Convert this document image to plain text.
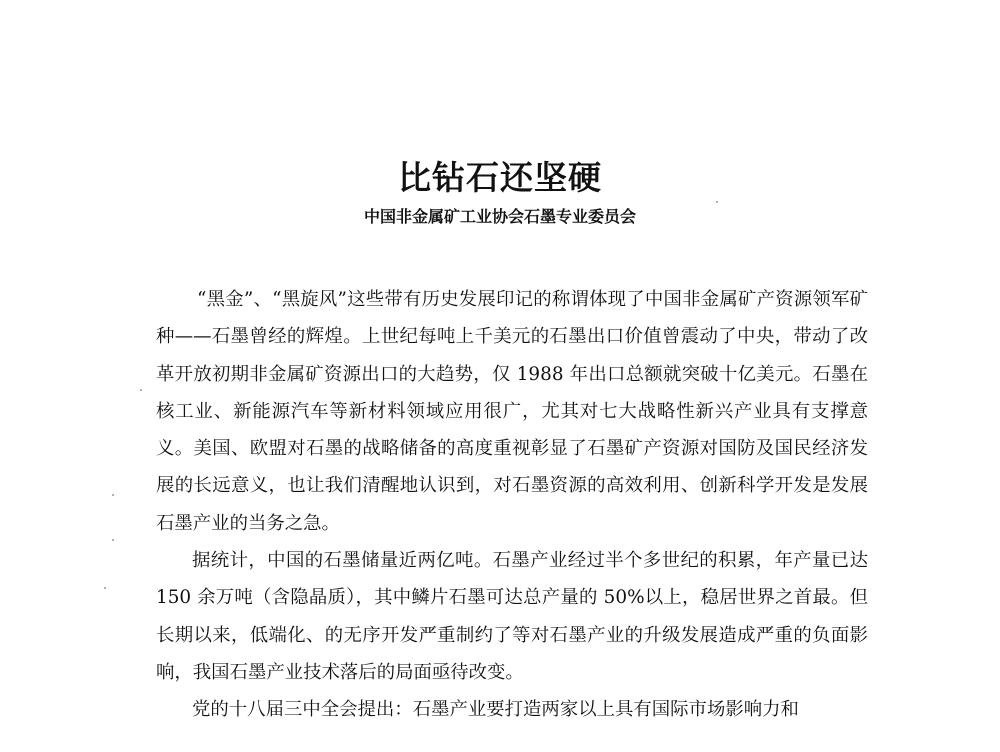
比钻石还坚硬
中国非金属矿工业协会石墨专业委员会

“黑金”、“黑旋风”这些带有历史发展印记的称谓体现了中国非金属矿产资源领军矿种——石墨曾经的辉煌。上世纪每吨上千美元的石墨出口价值曾震动了中央，带动了改革开放初期非金属矿资源出口的大趋势，仅 1988 年出口总额就突破十亿美元。石墨在核工业、新能源汽车等新材料领域应用很广，尤其对七大战略性新兴产业具有支撑意义。美国、欧盟对石墨的战略储备的高度重视彰显了石墨矿产资源对国防及国民经济发展的长远意义，也让我们清醒地认识到，对石墨资源的高效利用、创新科学开发是发展石墨产业的当务之急。

据统计，中国的石墨储量近两亿吨。石墨产业经过半个多世纪的积累，年产量已达 150 余万吨（含隐晶质），其中鳞片石墨可达总产量的 50%以上，稳居世界之首最。但长期以来，低端化、的无序开发严重制约了等对石墨产业的升级发展造成严重的负面影响，我国石墨产业技术落后的局面亟待改变。

党的十八届三中全会提出：石墨产业要打造两家以上具有国际市场影响力和
